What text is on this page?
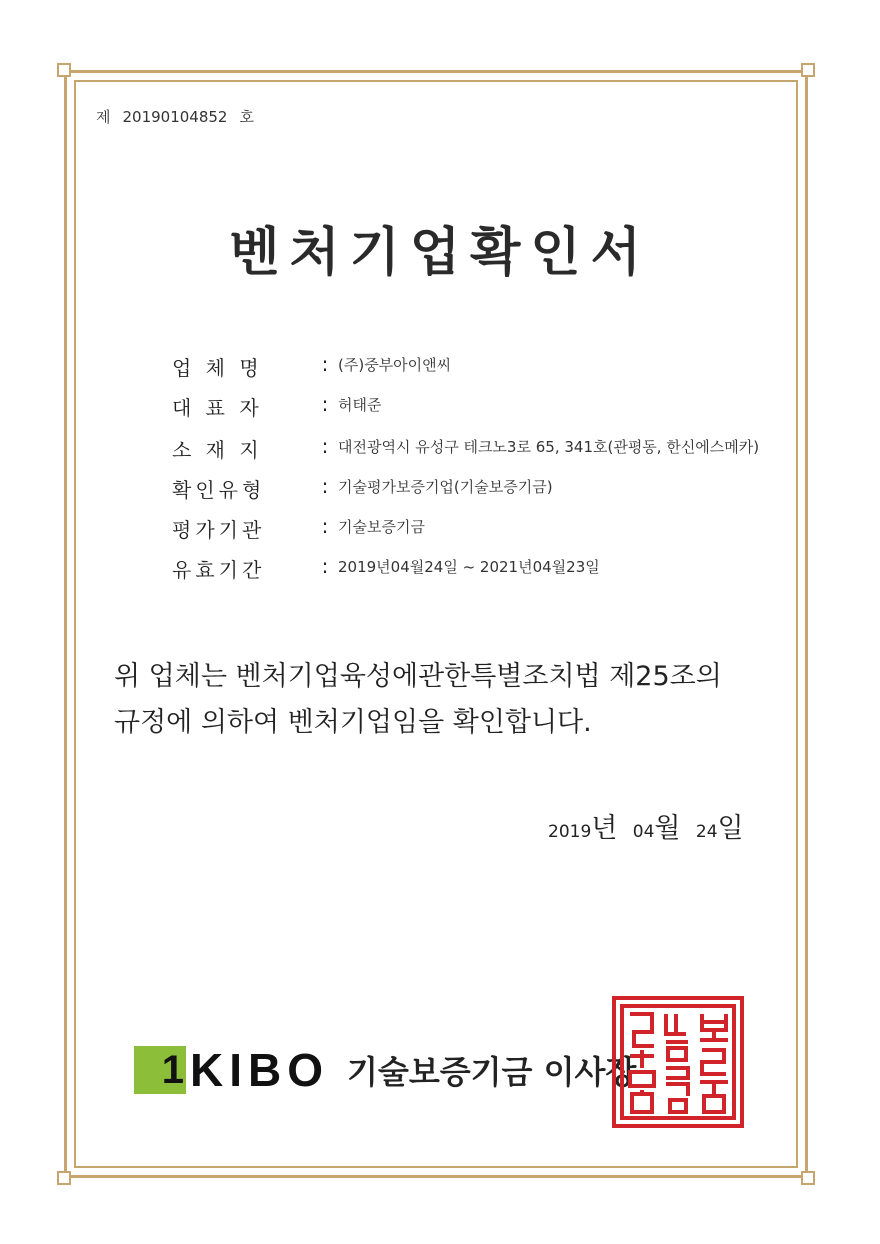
제 20190104852 호
벤처기업확인서
업 체 명	: (주)중부아이앤씨
대 표 자	: 허태준
소 재 지	: 대전광역시 유성구 테크노3로 65, 341호(관평동, 한신에스메카)
확인유형	: 기술평가보증기업(기술보증기금)
평가기관	: 기술보증기금
유효기간	: 2019년04월24일 ~ 2021년04월23일
위 업체는 벤처기업육성에관한특별조치법 제25조의
규정에 의하여 벤처기업임을 확인합니다.
2019년 04월 24일
1 KIBO 기술보증기금 이사장
